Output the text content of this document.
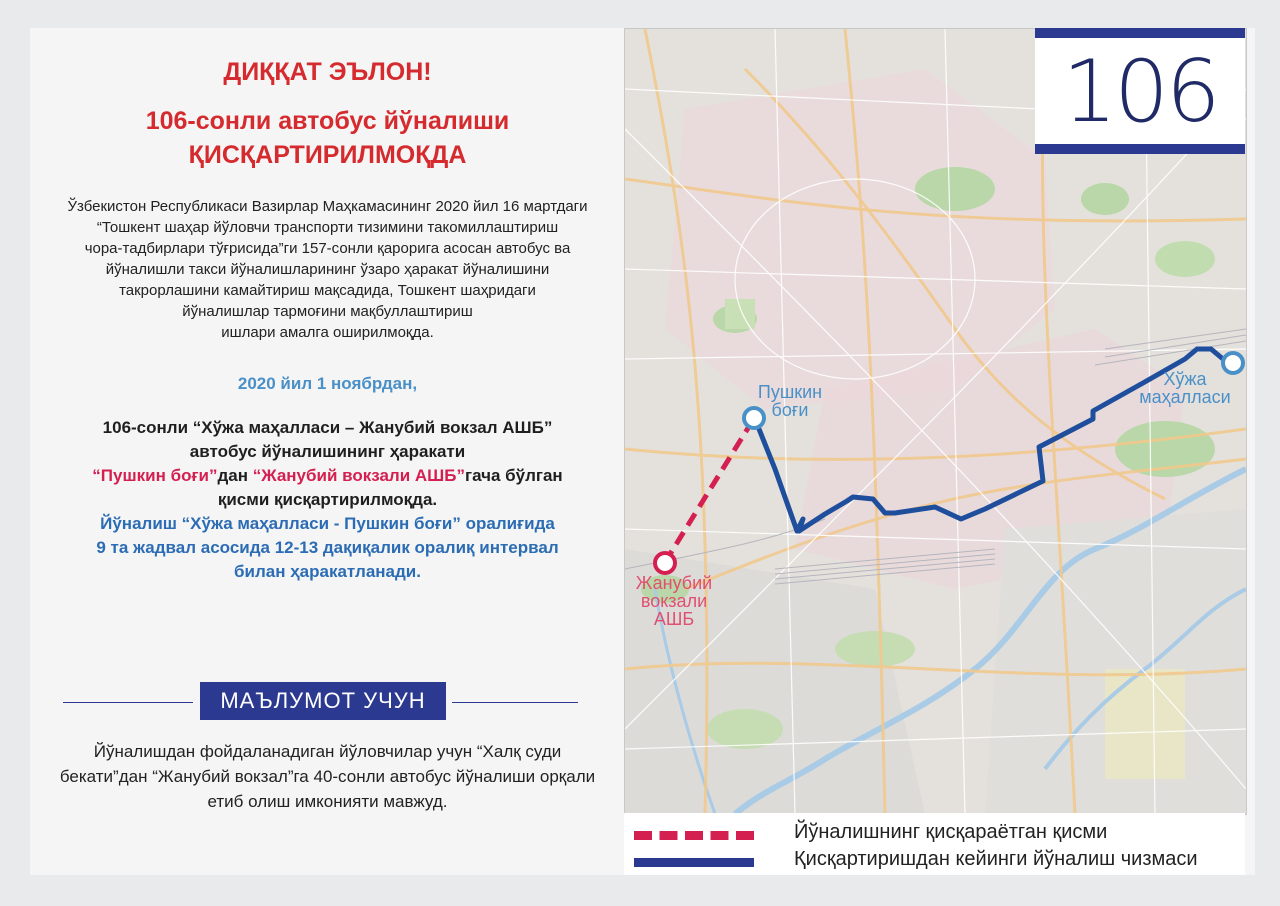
ДИҚҚАТ ЭЪЛОН!
106-сонли автобус йўналиши
ҚИСҚАРТИРИЛМОҚДА
Ўзбекистон Республикаси Вазирлар Маҳкамасининг 2020 йил 16 мартдаги
“Тошкент шаҳар йўловчи транспорти тизимини такомиллаштириш
чора-тадбирлари тўғрисида”ги 157-сонли қарорига асосан автобус ва
йўналишли такси йўналишларининг ўзаро ҳаракат йўналишини
такрорлашини камайтириш мақсадида, Тошкент шаҳридаги
йўналишлар тармоғини мақбуллаштириш
ишлари амалга оширилмоқда.
2020 йил 1 ноябрдан,
106-сонли “Хўжа маҳалласи – Жанубий вокзал АШБ”
автобус йўналишининг ҳаракати
“Пушкин боғи”дан “Жанубий вокзали АШБ”гача бўлган
қисми қисқартирилмоқда.
Йўналиш “Хўжа маҳалласи - Пушкин боғи” оралиғида
9 та жадвал асосида 12-13 дақиқалик оралиқ интервал
билан ҳаракатланади.
МАЪЛУМОТ УЧУН
Йўналишдан фойдаланадиган йўловчилар учун “Халқ суди
бекати”дан “Жанубий вокзал”га 40-сонли автобус йўналиши орқали
етиб олиш имконияти мавжуд.
Пушкин
боғи
Хўжа
маҳалласи
Жанубий
вокзали
АШБ
106
Йўналишнинг қисқараётган қисми
Қисқартиришдан кейинги йўналиш чизмаси
